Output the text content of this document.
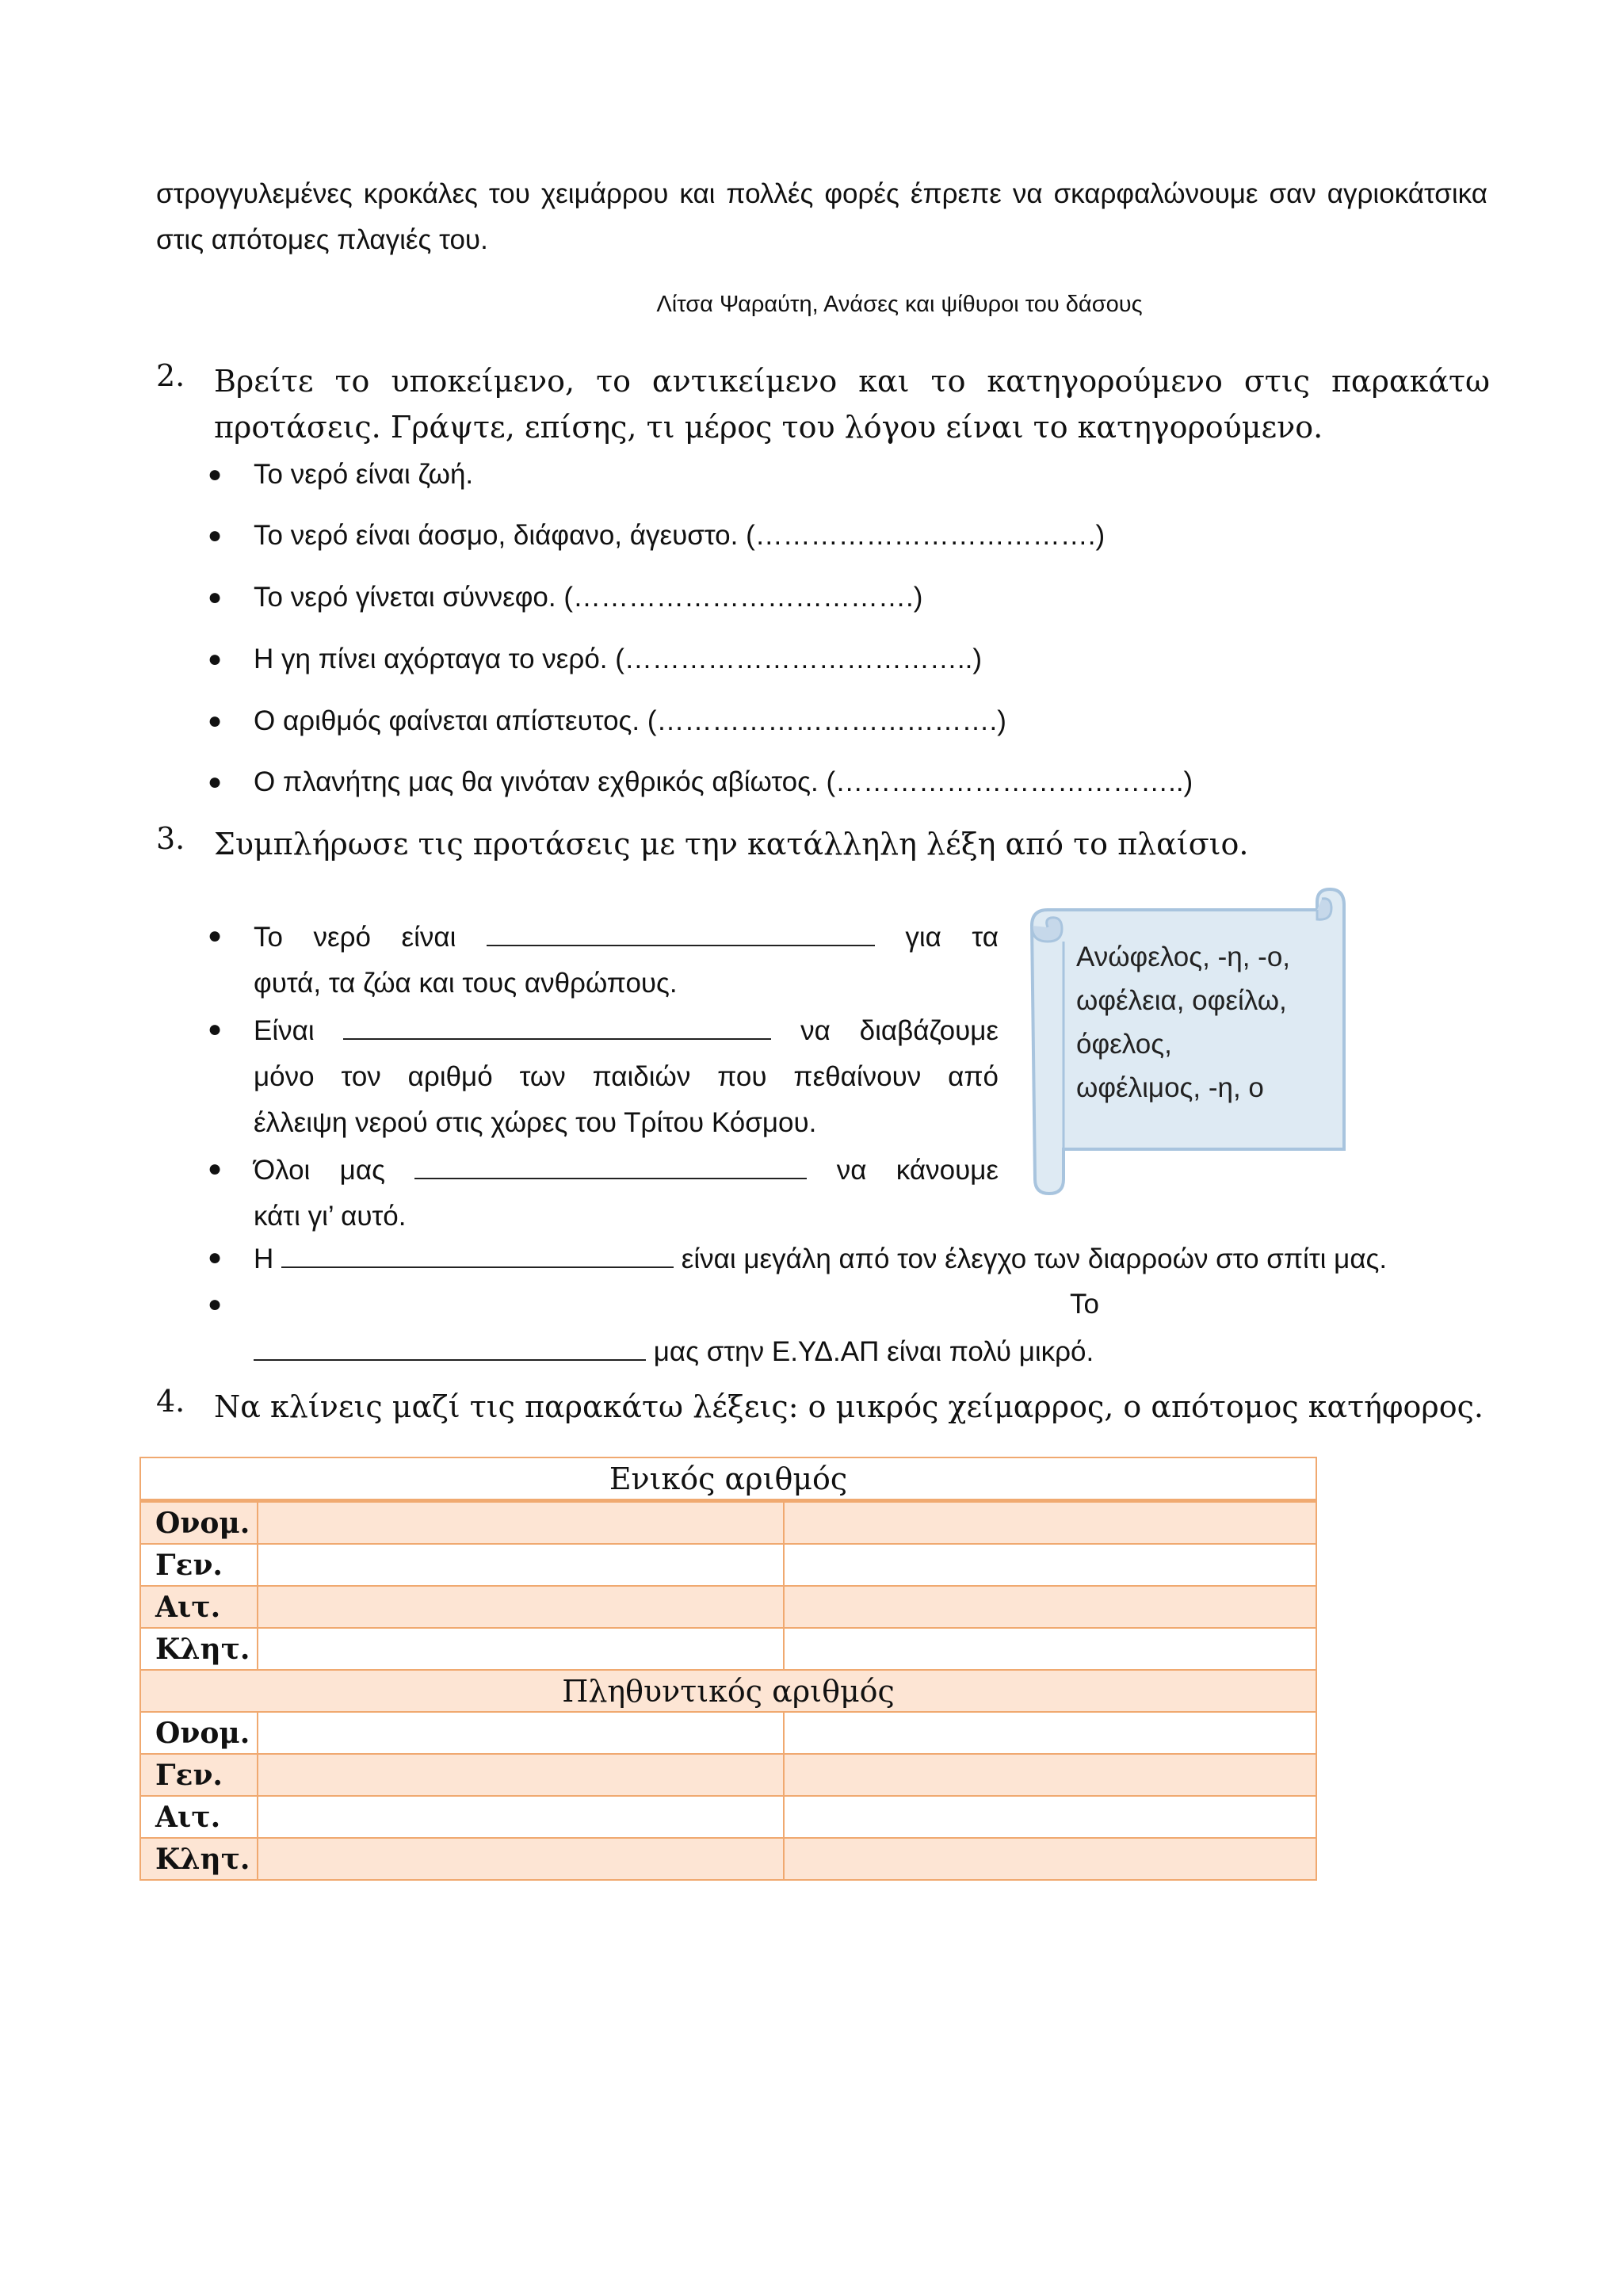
στρογγυλεμένες κροκάλες του χειμάρρου και πολλές φορές έπρεπε να σκαρφαλώνουμε σαν αγριοκάτσικα στις απότομες πλαγιές του.
Λίτσα Ψαραύτη, Ανάσες και ψίθυροι του δάσους
2. Βρείτε το υποκείμενο, το αντικείμενο και το κατηγορούμενο στις παρακάτω προτάσεις. Γράψτε, επίσης, τι μέρος του λόγου είναι το κατηγορούμενο.
● Το νερό είναι ζωή.
● Το νερό είναι άοσμο, διάφανο, άγευστο. (……………………………….)
● Το νερό γίνεται σύννεφο. (……………………………….)
● Η γη πίνει αχόρταγα το νερό. (………………………………..)
● Ο αριθμός φαίνεται απίστευτος. (……………………………….)
● Ο πλανήτης μας θα γινόταν εχθρικός αβίωτος. (………………………………..)
3. Συμπλήρωσε τις προτάσεις με την κατάλληλη λέξη από το πλαίσιο.
● Το νερό είναι	για τα
φυτά, τα ζώα και τους ανθρώπους.
● Είναι	να διαβάζουμε
μόνο τον αριθμό των παιδιών που πεθαίνουν από
έλλειψη νερού στις χώρες του Τρίτου Κόσμου.
● Όλοι μας	να κάνουμε
κάτι γι’ αυτό.
● Η	είναι μεγάλη από τον έλεγχο των διαρροών στο σπίτι μας.
●	Το
μας στην Ε.ΥΔ.ΑΠ είναι πολύ μικρό.
Ανώφελος, -η, -ο,
ωφέλεια, οφείλω,
όφελος,
ωφέλιμος, -η, ο
4. Να κλίνεις μαζί τις παρακάτω λέξεις: ο μικρός χείμαρρος, ο απότομος κατήφορος.
Ενικός αριθμός		
Ονομ.		
Γεν.		
Αιτ.		
Κλητ.		
Πληθυντικός αριθμός		
Ονομ.		
Γεν.		
Αιτ.		
Κλητ.		
